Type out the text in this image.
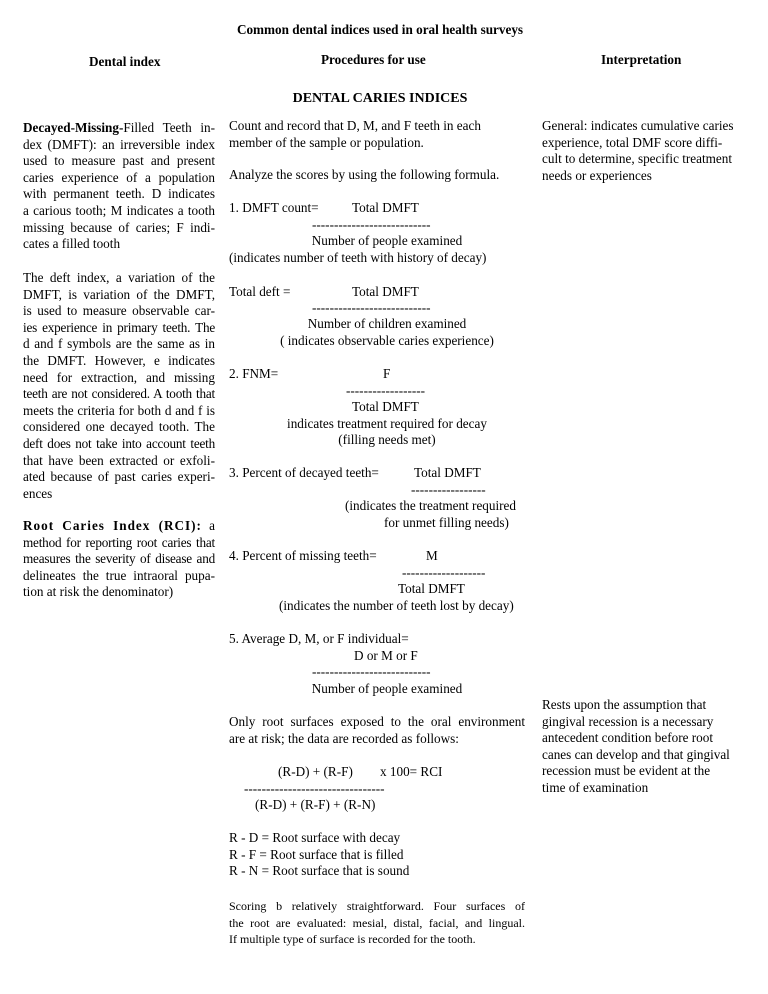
Common dental indices used in oral health surveys
Dental index	Procedures for use	Interpretation
DENTAL CARIES INDICES
Decayed-Missing-Filled Teeth in-
dex (DMFT): an irreversible index
used to measure past and present
caries experience of a population
with permanent teeth. D indicates
a carious tooth; M indicates a tooth
missing because of caries; F indi-
cates a filled tooth
The deft index, a variation of the
DMFT, is variation of the DMFT,
is used to measure observable car-
ies experience in primary teeth. The
d and f symbols are the same as in
the DMFT. However, e indicates
need for extraction, and missing
teeth are not considered. A tooth that
meets the criteria for both d and f is
considered one decayed tooth. The
deft does not take into account teeth
that have been extracted or exfoli-
ated because of past caries experi-
ences
Root Caries Index (RCI): a
method for reporting root caries that
measures the severity of disease and
delineates the true intraoral pupa-
tion at risk the denominator)
Count and record that D, M, and F teeth in each
member of the sample or population.
Analyze the scores by using the following formula.
1. DMFT count=	Total DMFT
---------------------------
Number of people examined
(indicates number of teeth with history of decay)
Total deft =	Total DMFT
---------------------------
Number of children examined
( indicates observable caries experience)
2. FNM=	F
------------------
Total DMFT
indicates treatment required for decay
(filling needs met)
3. Percent of decayed teeth=	Total DMFT
-----------------
(indicates the treatment required
for unmet filling needs)
4. Percent of missing teeth=	M
-------------------
Total DMFT
(indicates the number of teeth lost by decay)
5. Average D, M, or F individual=
D or M or F
---------------------------
Number of people examined
Only root surfaces exposed to the oral environment
are at risk; the data are recorded as follows:
(R-D) + (R-F) x 100= RCI
--------------------------------
(R-D) + (R-F) + (R-N)
R - D = Root surface with decay
R - F = Root surface that is filled
R - N = Root surface that is sound
Scoring b relatively straightforward. Four surfaces of
the root are evaluated: mesial, distal, facial, and lingual.
If multiple type of surface is recorded for the tooth.
General: indicates cumulative caries
experience, total DMF score diffi-
cult to determine, specific treatment
needs or experiences
Rests upon the assumption that
gingival recession is a necessary
antecedent condition before root
canes can develop and that gingival
recession must be evident at the
time of examination
